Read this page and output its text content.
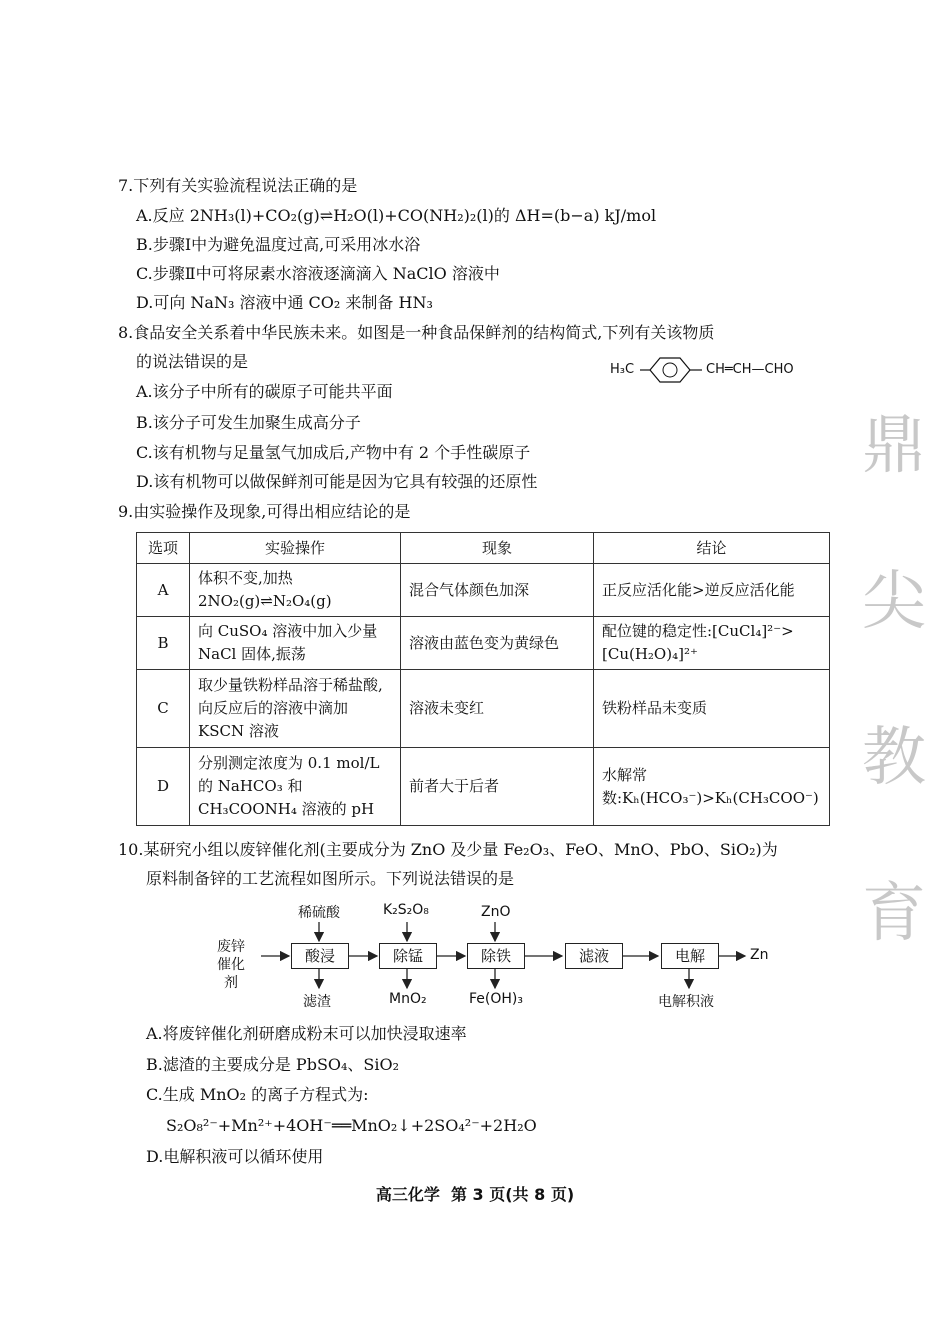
7.下列有关实验流程说法正确的是
A.反应 2NH₃(l)+CO₂(g)⇌H₂O(l)+CO(NH₂)₂(l)的 ΔH=(b−a) kJ/mol
B.步骤Ⅰ中为避免温度过高,可采用冰水浴
C.步骤Ⅱ中可将尿素水溶液逐滴滴入 NaClO 溶液中
D.可向 NaN₃ 溶液中通 CO₂ 来制备 HN₃
8.食品安全关系着中华民族未来。如图是一种食品保鲜剂的结构简式,下列有关该物质
的说法错误的是	H₃C	CH═CH—CHO
A.该分子中所有的碳原子可能共平面
B.该分子可发生加聚生成高分子
C.该有机物与足量氢气加成后,产物中有 2 个手性碳原子
D.该有机物可以做保鲜剂可能是因为它具有较强的还原性
9.由实验操作及现象,可得出相应结论的是
选项	实验操作	现象	结论
A	体积不变,加热 2NO₂(g)⇌N₂O₄(g)	混合气体颜色加深	正反应活化能>逆反应活化能
B	向 CuSO₄ 溶液中加入少量 NaCl 固体,振荡	溶液由蓝色变为黄绿色	配位键的稳定性:[CuCl₄]²⁻>[Cu(H₂O)₄]²⁺
C	取少量铁粉样品溶于稀盐酸,向反应后的溶液中滴加 KSCN 溶液	溶液未变红	铁粉样品未变质
D	分别测定浓度为 0.1 mol/L 的 NaHCO₃ 和 CH₃COONH₄ 溶液的 pH	前者大于后者	水解常数:Kₕ(HCO₃⁻)>Kₕ(CH₃COO⁻)
10.某研究小组以废锌催化剂(主要成分为 ZnO 及少量 Fe₂O₃、FeO、MnO、PbO、SiO₂)为
原料制备锌的工艺流程如图所示。下列说法错误的是
废锌催化剂
酸浸	除锰	除铁	滤液	电解
稀硫酸	K₂S₂O₈	ZnO
滤渣	MnO₂	Fe(OH)₃	电解积液
Zn
A.将废锌催化剂研磨成粉末可以加快浸取速率
B.滤渣的主要成分是 PbSO₄、SiO₂
C.生成 MnO₂ 的离子方程式为:
S₂O₈²⁻+Mn²⁺+4OH⁻══MnO₂↓+2SO₄²⁻+2H₂O
D.电解积液可以循环使用
鼎
尖
教
育
高三化学  第 3 页(共 8 页)
